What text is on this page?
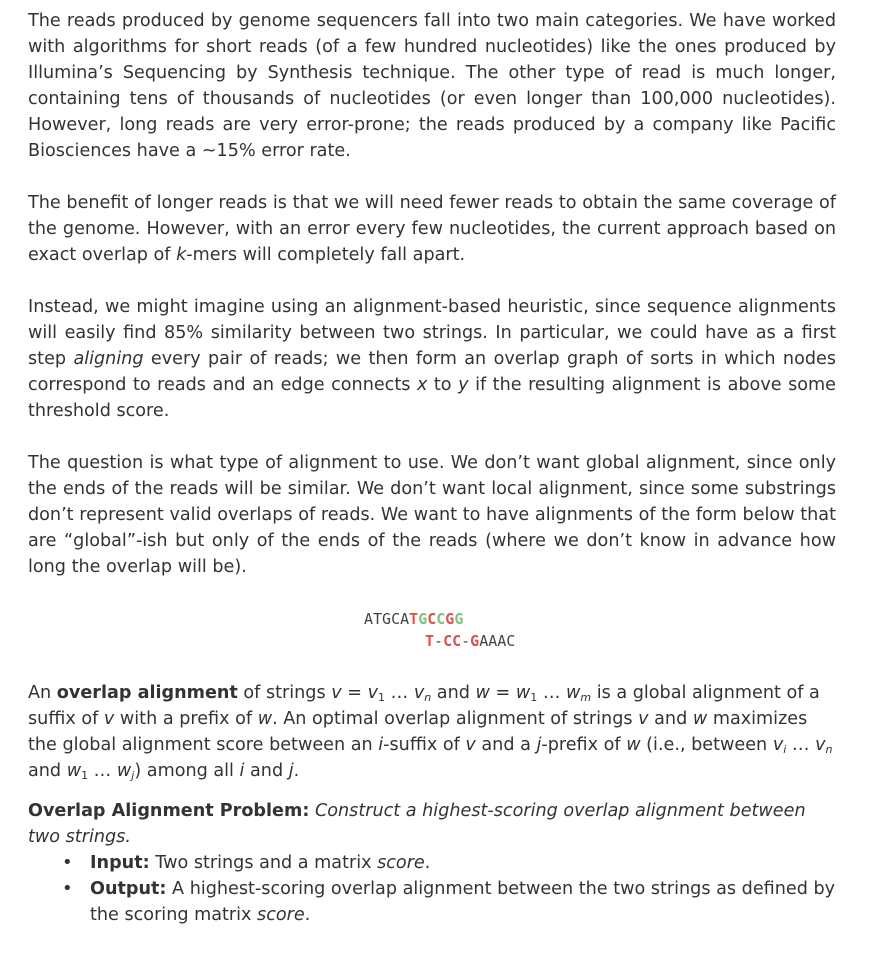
The reads produced by genome sequencers fall into two main categories. We have worked with algorithms for short reads (of a few hundred nucleotides) like the ones produced by Illumina’s Sequencing by Synthesis technique. The other type of read is much longer, containing tens of thousands of nucleotides (or even longer than 100,000 nucleotides). However, long reads are very error-prone; the reads produced by a company like Pacific Biosciences have a ~15% error rate.

The benefit of longer reads is that we will need fewer reads to obtain the same coverage of the genome. However, with an error every few nucleotides, the current approach based on exact overlap of k-mers will completely fall apart.

Instead, we might imagine using an alignment-based heuristic, since sequence alignments will easily find 85% similarity between two strings. In particular, we could have as a first step aligning every pair of reads; we then form an overlap graph of sorts in which nodes correspond to reads and an edge connects x to y if the resulting alignment is above some threshold score.

The question is what type of alignment to use. We don’t want global alignment, since only the ends of the reads will be similar. We don’t want local alignment, since some substrings don’t represent valid overlaps of reads. We want to have alignments of the form below that are “global”-ish but only of the ends of the reads (where we don’t know in advance how long the overlap will be).

ATGCATGCCGG
T-CC-GAAAC

An overlap alignment of strings $v = v_1$ … $v_n$ and $w = w_1$ … $w_m$ is a global alignment of a suffix of v with a prefix of w. An optimal overlap alignment of strings v and w maximizes the global alignment score between an i-suffix of v and a j-prefix of w (i.e., between $v_i$ … $v_n$ and $w_1$ … $w_j$) among all i and j.

Overlap Alignment Problem: Construct a highest-scoring overlap alignment between two strings.

• Input: Two strings and a matrix score.
• Output: A highest-scoring overlap alignment between the two strings as defined by the scoring matrix score.
